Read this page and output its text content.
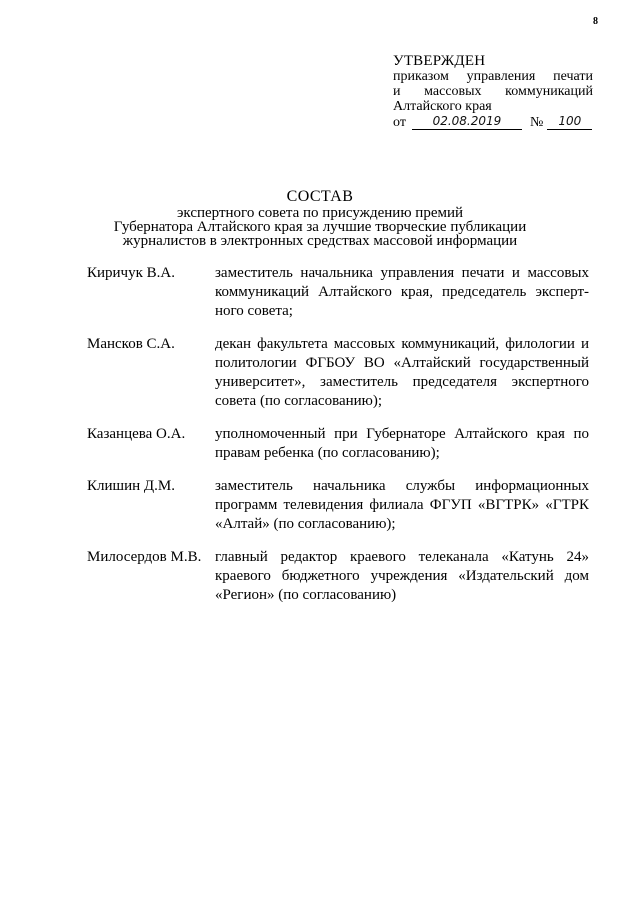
8
УТВЕРЖДЕН
приказом управления печати
и массовых коммуникаций
Алтайского края
от	02.08.2019	№	100
СОСТАВ
экспертного совета по присуждению премий
Губернатора Алтайского края за лучшие творческие публикации
журналистов в электронных средствах массовой информации
Киричук В.А.	заместитель начальника управления печати и массовых коммуникаций Алтайского края, председатель экспертного совета;
Мансков С.А.	декан факультета массовых коммуникаций, филологии и политологии ФГБОУ ВО «Алтайский государственный университет», заместитель председателя экспертного совета (по согласованию);
Казанцева О.А.	уполномоченный при Губернаторе Алтайского края по правам ребенка (по согласованию);
Клишин Д.М.	заместитель начальника службы информационных программ телевидения филиала ФГУП «ВГТРК» «ГТРК «Алтай» (по согласованию);
Милосердов М.В. главный редактор краевого телеканала «Катунь 24» краевого бюджетного учреждения «Издательский дом «Регион» (по согласованию)
